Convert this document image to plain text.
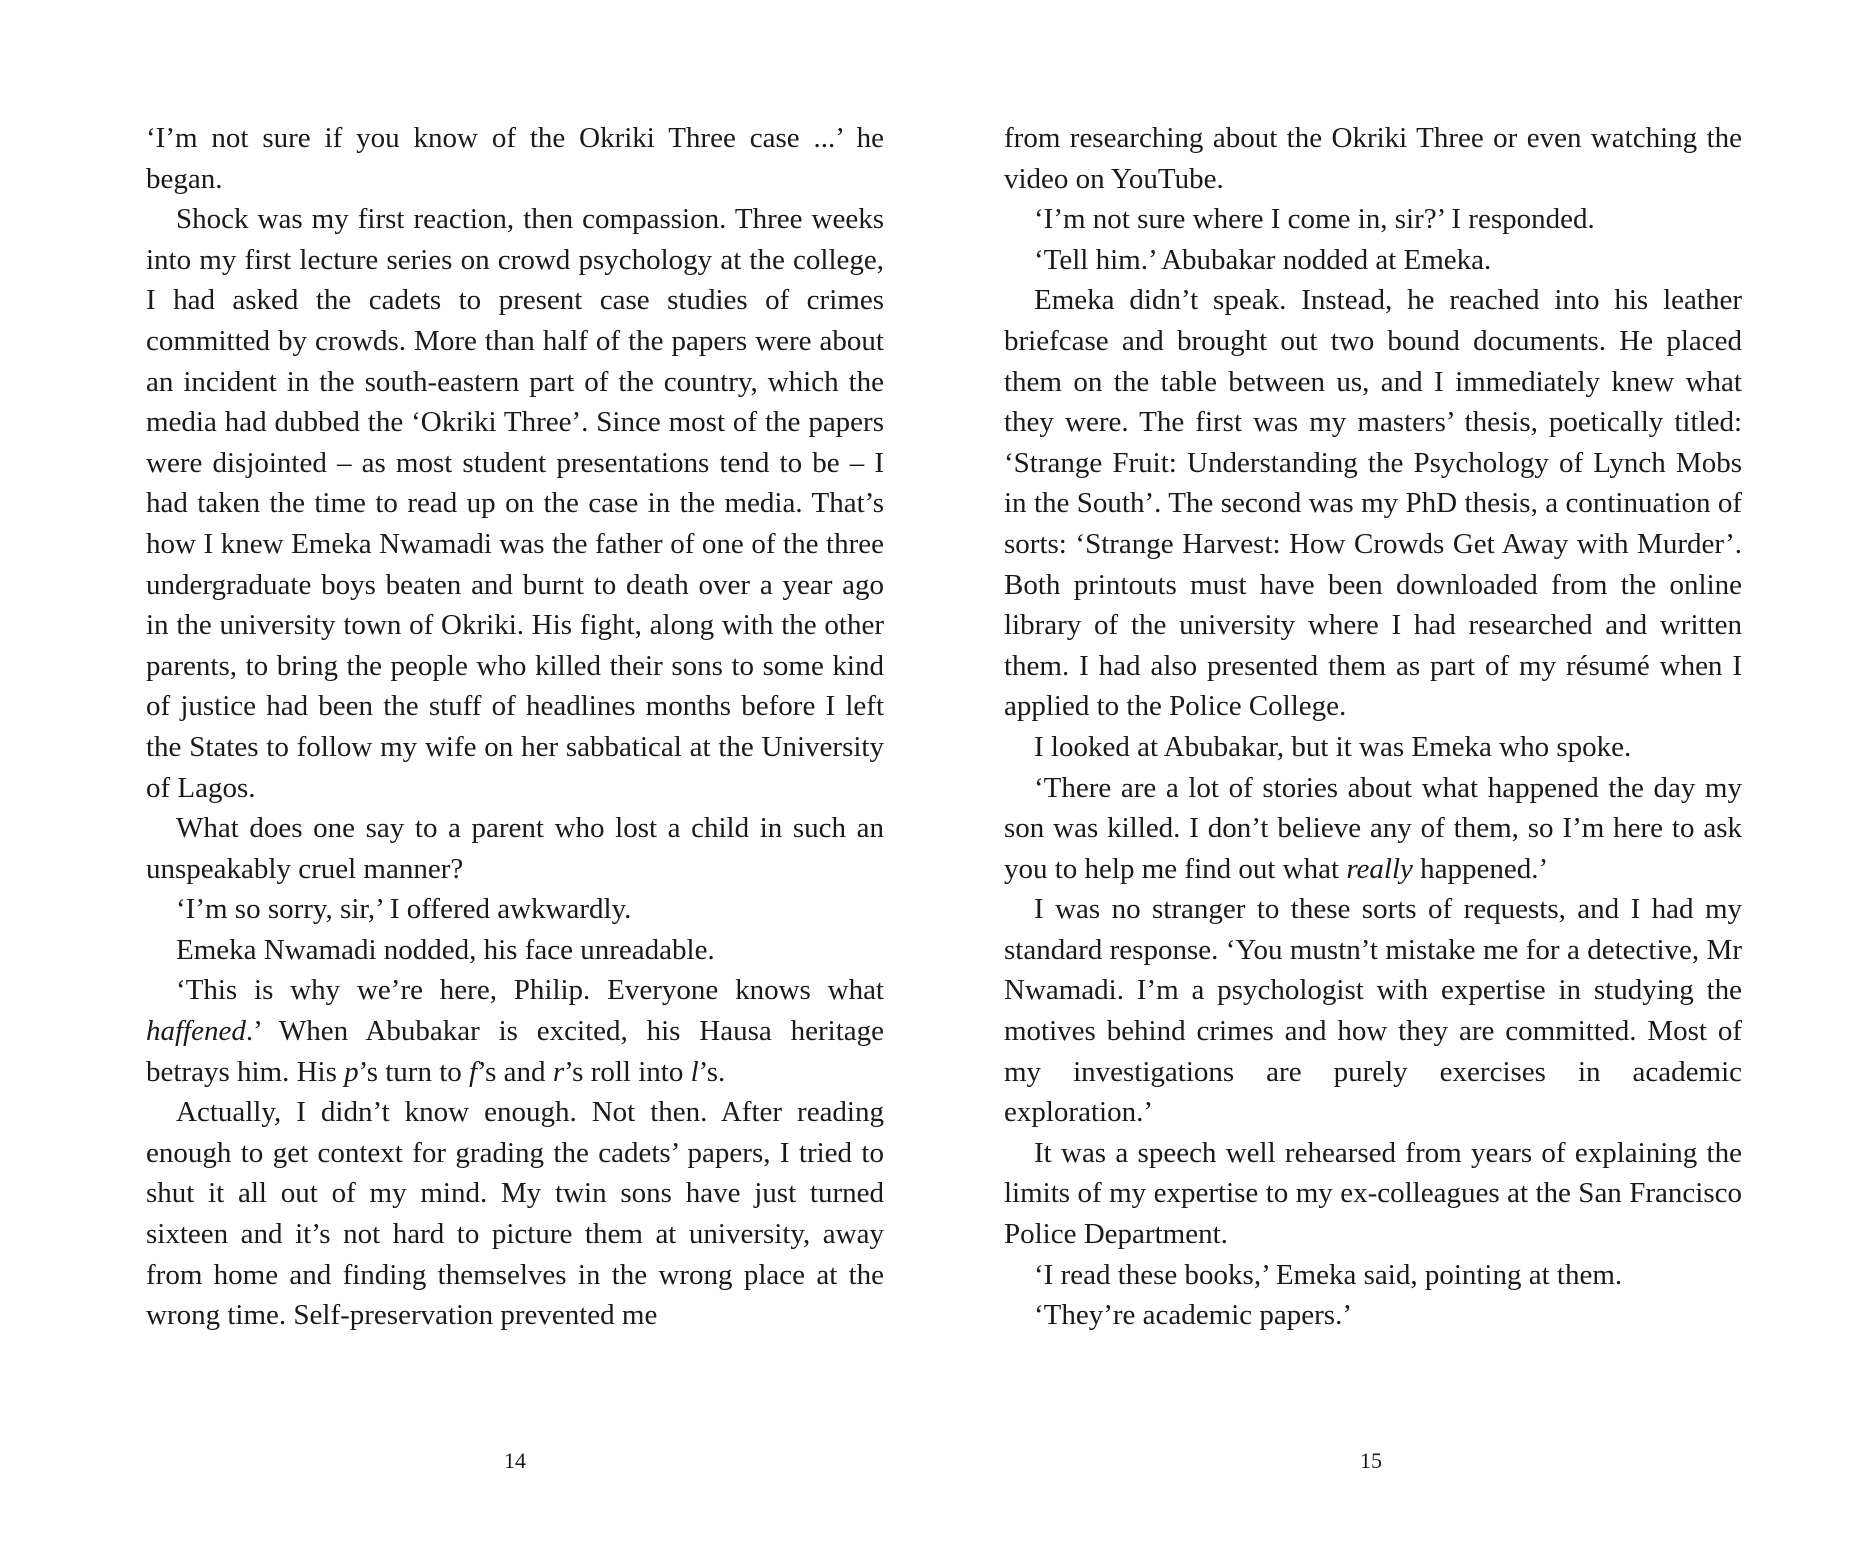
‘I’m not sure if you know of the Okriki Three case ...’ he began.

Shock was my first reaction, then compassion. Three weeks into my first lecture series on crowd psychology at the college, I had asked the cadets to present case studies of crimes committed by crowds. More than half of the papers were about an incident in the south-eastern part of the country, which the media had dubbed the ‘Okriki Three’. Since most of the papers were disjointed – as most student presentations tend to be – I had taken the time to read up on the case in the media. That’s how I knew Emeka Nwamadi was the father of one of the three undergraduate boys beaten and burnt to death over a year ago in the university town of Okriki. His fight, along with the other parents, to bring the people who killed their sons to some kind of justice had been the stuff of headlines months before I left the States to follow my wife on her sabbatical at the University of Lagos.

What does one say to a parent who lost a child in such an unspeakably cruel manner?

‘I’m so sorry, sir,’ I offered awkwardly.

Emeka Nwamadi nodded, his face unreadable.

‘This is why we’re here, Philip. Everyone knows what haffened.’ When Abubakar is excited, his Hausa heritage betrays him. His p’s turn to f’s and r’s roll into l’s.

Actually, I didn’t know enough. Not then. After reading enough to get context for grading the cadets’ papers, I tried to shut it all out of my mind. My twin sons have just turned sixteen and it’s not hard to picture them at university, away from home and finding themselves in the wrong place at the wrong time. Self-preservation prevented me

14

from researching about the Okriki Three or even watching the video on YouTube.

‘I’m not sure where I come in, sir?’ I responded.

‘Tell him.’ Abubakar nodded at Emeka.

Emeka didn’t speak. Instead, he reached into his leather briefcase and brought out two bound documents. He placed them on the table between us, and I immediately knew what they were. The first was my masters’ thesis, poetically titled: ‘Strange Fruit: Understanding the Psychology of Lynch Mobs in the South’. The second was my PhD thesis, a continuation of sorts: ‘Strange Harvest: How Crowds Get Away with Murder’. Both printouts must have been downloaded from the online library of the university where I had researched and written them. I had also presented them as part of my résumé when I applied to the Police College.

I looked at Abubakar, but it was Emeka who spoke.

‘There are a lot of stories about what happened the day my son was killed. I don’t believe any of them, so I’m here to ask you to help me find out what really happened.’

I was no stranger to these sorts of requests, and I had my standard response. ‘You mustn’t mistake me for a detective, Mr Nwamadi. I’m a psychologist with expertise in studying the motives behind crimes and how they are committed. Most of my investigations are purely exercises in academic exploration.’

It was a speech well rehearsed from years of explaining the limits of my expertise to my ex-colleagues at the San Francisco Police Department.

‘I read these books,’ Emeka said, pointing at them.

‘They’re academic papers.’

15
